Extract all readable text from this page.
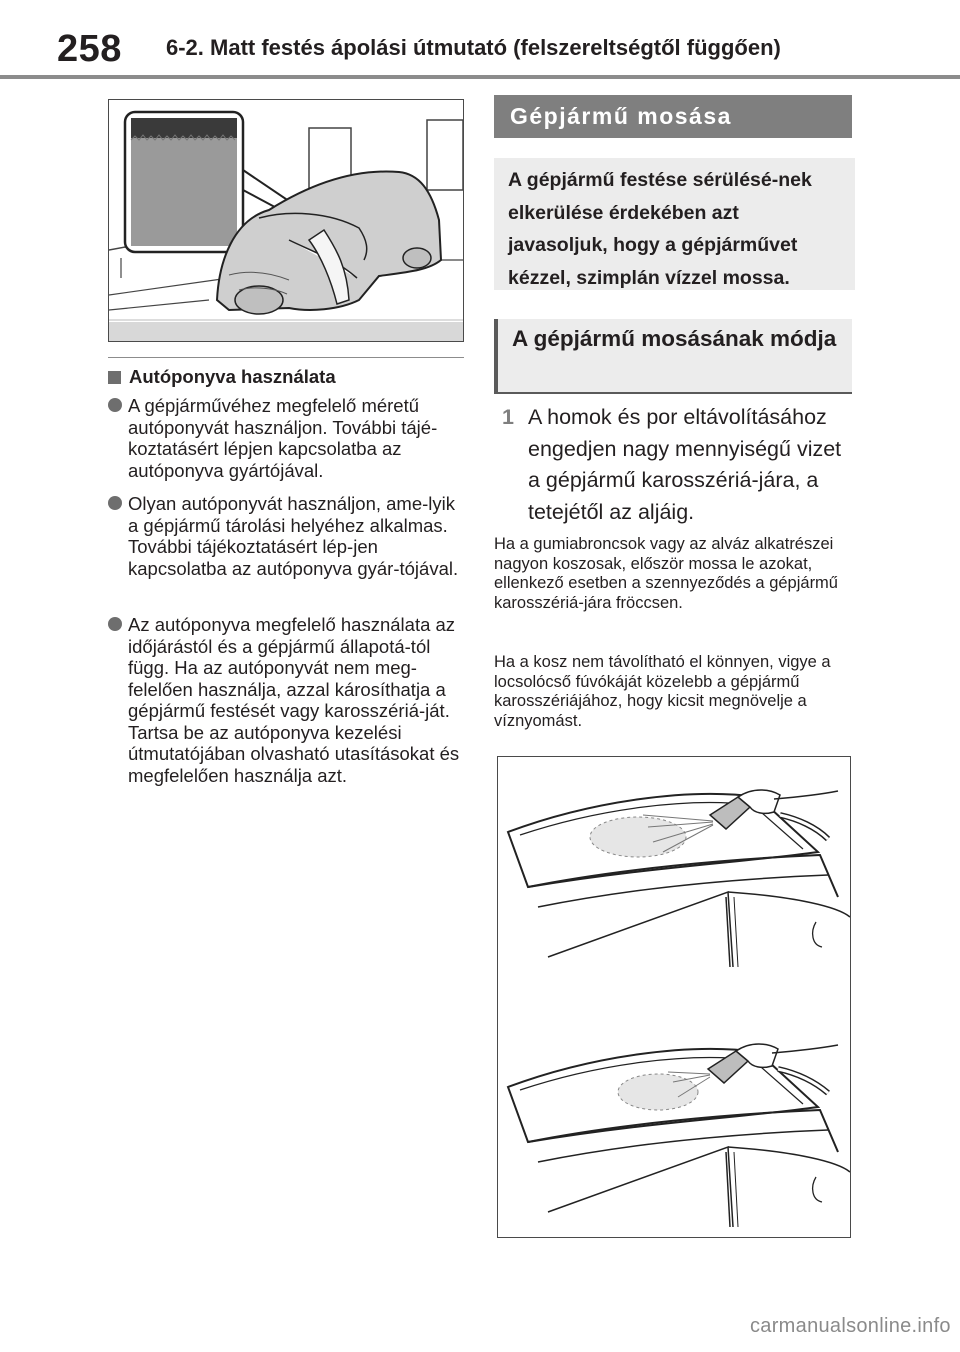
258 6-2. Matt festés ápolási útmutató (felszereltségtől függően)
Autóponyva használata
A gépjárművéhez megfelelő méretű autóponyvát használjon. További tájé-koztatásért lépjen kapcsolatba az autóponyva gyártójával.
Olyan autóponyvát használjon, ame-lyik a gépjármű tárolási helyéhez alkalmas. További tájékoztatásért lép-jen kapcsolatba az autóponyva gyár-tójával.
Az autóponyva megfelelő használata az időjárástól és a gépjármű állapotá-tól függ. Ha az autóponyvát nem meg-felelően használja, azzal károsíthatja a gépjármű festését vagy karosszériá-ját. Tartsa be az autóponyva kezelési útmutatójában olvasható utasításokat és megfelelően használja azt.
Gépjármű mosása
A gépjármű festése sérülésé-nek elkerülése érdekében azt javasoljuk, hogy a gépjárművet kézzel, szimplán vízzel mossa.
A gépjármű mosásának módja
1 A homok és por eltávolításához engedjen nagy mennyiségű vizet a gépjármű karosszériá-jára, a tetejétől az aljáig.
Ha a gumiabroncsok vagy az alváz alkatrészei nagyon koszosak, először mossa le azokat, ellenkező esetben a szennyeződés a gépjármű karosszériá-jára fröccsen.
Ha a kosz nem távolítható el könnyen, vigye a locsolócső fúvókáját közelebb a gépjármű karosszériájához, hogy kicsit megnövelje a víznyomást.
carmanualsonline.info
